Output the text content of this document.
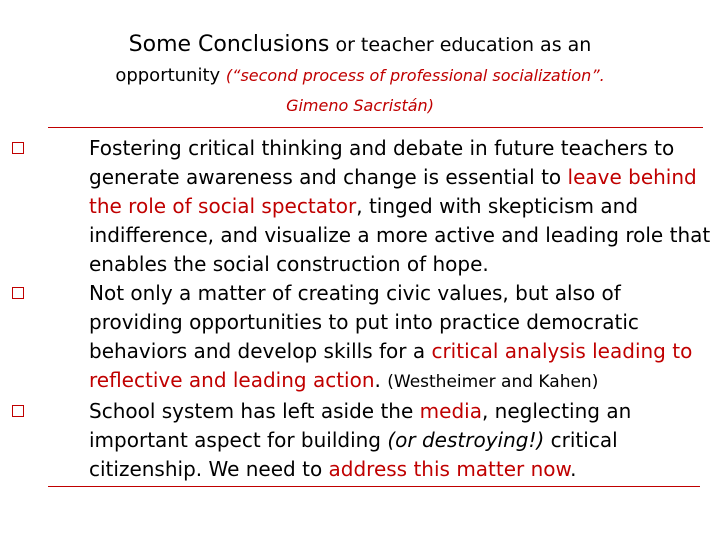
Some Conclusions or teacher education as an
opportunity (“second process of professional socialization”.
Gimeno Sacristán)
Fostering critical thinking and debate in future teachers to generate awareness and change is essential to leave behind the role of social spectator, tinged with skepticism and indifference, and visualize a more active and leading role that enables the social construction of hope.
Not only a matter of creating civic values, but also of providing opportunities to put into practice democratic behaviors and develop skills for a critical analysis leading to reflective and leading action. (Westheimer and Kahen)
School system has left aside the media, neglecting an important aspect for building (or destroying!) critical citizenship. We need to address this matter now.
